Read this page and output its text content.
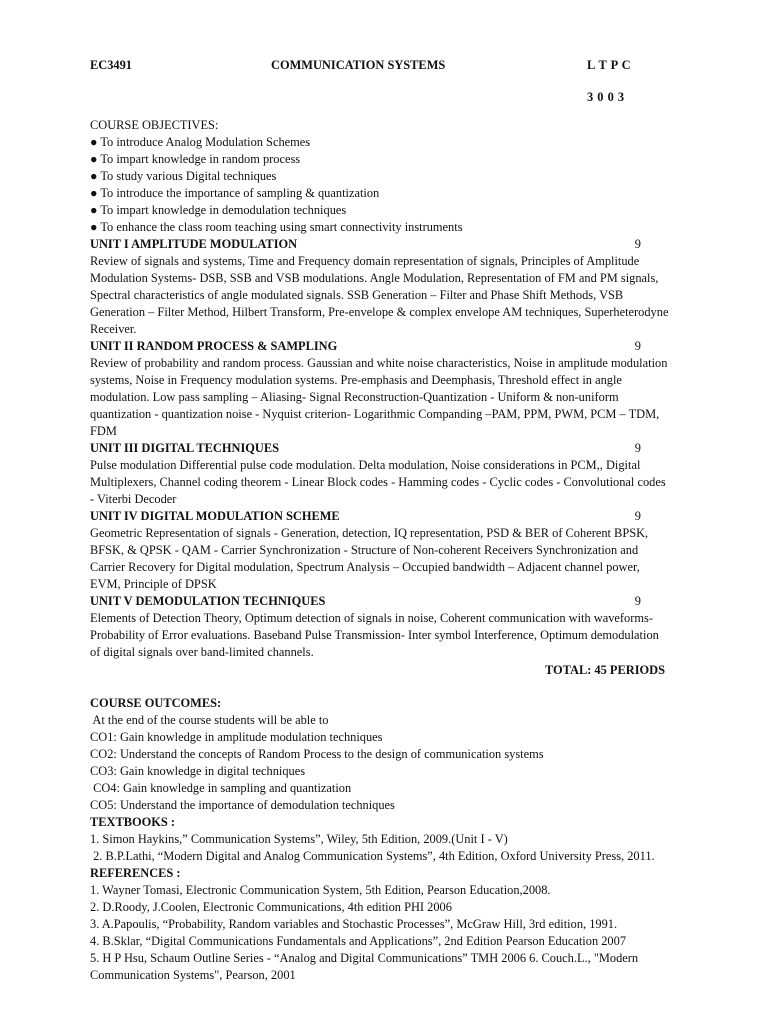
EC3491	COMMUNICATION SYSTEMS	L T P C
3 0 0 3
COURSE OBJECTIVES:
● To introduce Analog Modulation Schemes
● To impart knowledge in random process
● To study various Digital techniques
● To introduce the importance of sampling & quantization
● To impart knowledge in demodulation techniques
● To enhance the class room teaching using smart connectivity instruments
UNIT I AMPLITUDE MODULATION	9
Review of signals and systems, Time and Frequency domain representation of signals, Principles of Amplitude
Modulation Systems- DSB, SSB and VSB modulations. Angle Modulation, Representation of FM and PM signals,
Spectral characteristics of angle modulated signals. SSB Generation – Filter and Phase Shift Methods, VSB
Generation – Filter Method, Hilbert Transform, Pre-envelope & complex envelope AM techniques, Superheterodyne
Receiver.
UNIT II RANDOM PROCESS & SAMPLING	9
Review of probability and random process. Gaussian and white noise characteristics, Noise in amplitude modulation
systems, Noise in Frequency modulation systems. Pre-emphasis and Deemphasis, Threshold effect in angle
modulation. Low pass sampling – Aliasing- Signal Reconstruction-Quantization - Uniform & non-uniform
quantization - quantization noise - Nyquist criterion- Logarithmic Companding –PAM, PPM, PWM, PCM – TDM,
FDM
UNIT III DIGITAL TECHNIQUES	9
Pulse modulation Differential pulse code modulation. Delta modulation, Noise considerations in PCM,, Digital
Multiplexers, Channel coding theorem - Linear Block codes - Hamming codes - Cyclic codes - Convolutional codes
- Viterbi Decoder
UNIT IV DIGITAL MODULATION SCHEME	9
Geometric Representation of signals - Generation, detection, IQ representation, PSD & BER of Coherent BPSK,
BFSK, & QPSK - QAM - Carrier Synchronization - Structure of Non-coherent Receivers Synchronization and
Carrier Recovery for Digital modulation, Spectrum Analysis – Occupied bandwidth – Adjacent channel power,
EVM, Principle of DPSK
UNIT V DEMODULATION TECHNIQUES	9
Elements of Detection Theory, Optimum detection of signals in noise, Coherent communication with waveforms-
Probability of Error evaluations. Baseband Pulse Transmission- Inter symbol Interference, Optimum demodulation
of digital signals over band-limited channels.
TOTAL: 45 PERIODS
COURSE OUTCOMES:
At the end of the course students will be able to
CO1: Gain knowledge in amplitude modulation techniques
CO2: Understand the concepts of Random Process to the design of communication systems
CO3: Gain knowledge in digital techniques
CO4: Gain knowledge in sampling and quantization
CO5: Understand the importance of demodulation techniques
TEXTBOOKS :
1. Simon Haykins,” Communication Systems”, Wiley, 5th Edition, 2009.(Unit I - V)
2. B.P.Lathi, “Modern Digital and Analog Communication Systems”, 4th Edition, Oxford University Press, 2011.
REFERENCES :
1. Wayner Tomasi, Electronic Communication System, 5th Edition, Pearson Education,2008.
2. D.Roody, J.Coolen, Electronic Communications, 4th edition PHI 2006
3. A.Papoulis, “Probability, Random variables and Stochastic Processes”, McGraw Hill, 3rd edition, 1991.
4. B.Sklar, “Digital Communications Fundamentals and Applications”, 2nd Edition Pearson Education 2007
5. H P Hsu, Schaum Outline Series - “Analog and Digital Communications” TMH 2006 6. Couch.L., "Modern
Communication Systems", Pearson, 2001
